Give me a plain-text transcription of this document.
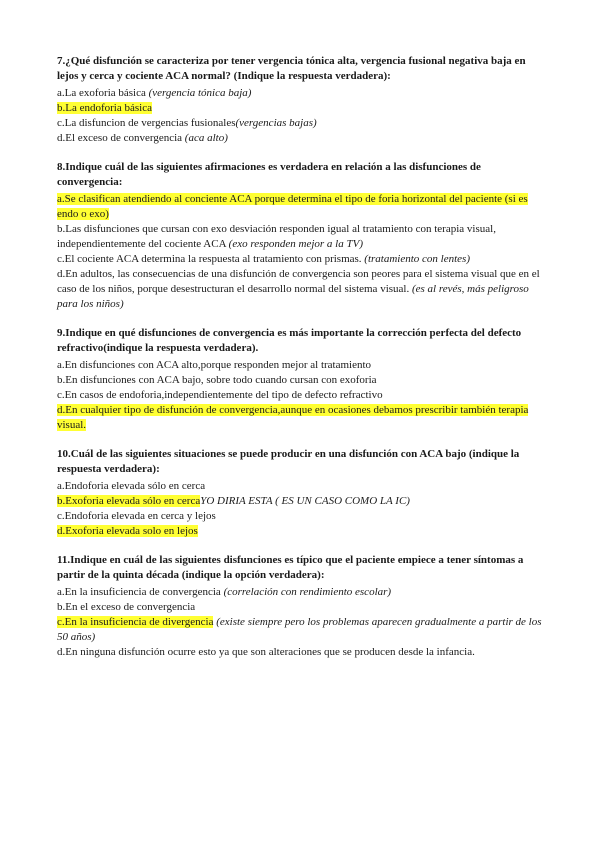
7.¿Qué disfunción se caracteriza por tener vergencia tónica alta, vergencia fusional negativa baja en lejos y cerca y cociente ACA normal? (Indique la respuesta verdadera):
a.La exoforia básica (vergencia tónica baja)
b.La endoforia básica
c.La disfuncion de vergencias fusionales(vergencias bajas)
d.El exceso de convergencia (aca alto)
8.Indique cuál de las siguientes afirmaciones es verdadera en relación a las disfunciones de convergencia:
a.Se clasifican atendiendo al conciente ACA porque determina el tipo de foria horizontal del paciente (si es endo o exo)
b.Las disfunciones que cursan con exo desviación responden igual al tratamiento con terapia visual, independientemente del cociente ACA (exo responden mejor a la TV)
c.El cociente ACA determina la respuesta al tratamiento con prismas. (tratamiento con lentes)
d.En adultos, las consecuencias de una disfunción de convergencia son peores para el sistema visual que en el caso de los niños, porque desestructuran el desarrollo normal del sistema visual. (es al revés, más peligroso para los niños)
9.Indique en qué disfunciones de convergencia es más importante la corrección perfecta del defecto refractivo(indique la respuesta verdadera).
a.En disfunciones con ACA alto,porque responden mejor al tratamiento
b.En disfunciones con ACA bajo, sobre todo cuando cursan con exoforia
c.En casos de endoforia,independientemente del tipo de defecto refractivo
d.En cualquier tipo de disfunción de convergencia,aunque en ocasiones debamos prescribir también terapia visual.
10.Cuál de las siguientes situaciones se puede producir en una disfunción con ACA bajo (indique la respuesta verdadera):
a.Endoforia elevada sólo en cerca
b.Exoforia elevada sólo en cercaYO DIRIA ESTA ( ES UN CASO COMO LA IC)
c.Endoforia elevada en cerca y lejos
d.Exoforia elevada solo en lejos
11.Indique en cuál de las siguientes disfunciones es típico que el paciente empiece a tener síntomas a partir de la quinta década (indique la opción verdadera):
a.En la insuficiencia de convergencia (correlación con rendimiento escolar)
b.En el exceso de convergencia
c.En la insuficiencia de divergencia (existe siempre pero los problemas aparecen gradualmente a partir de los 50 años)
d.En ninguna disfunción ocurre esto ya que son alteraciones que se producen desde la infancia.
